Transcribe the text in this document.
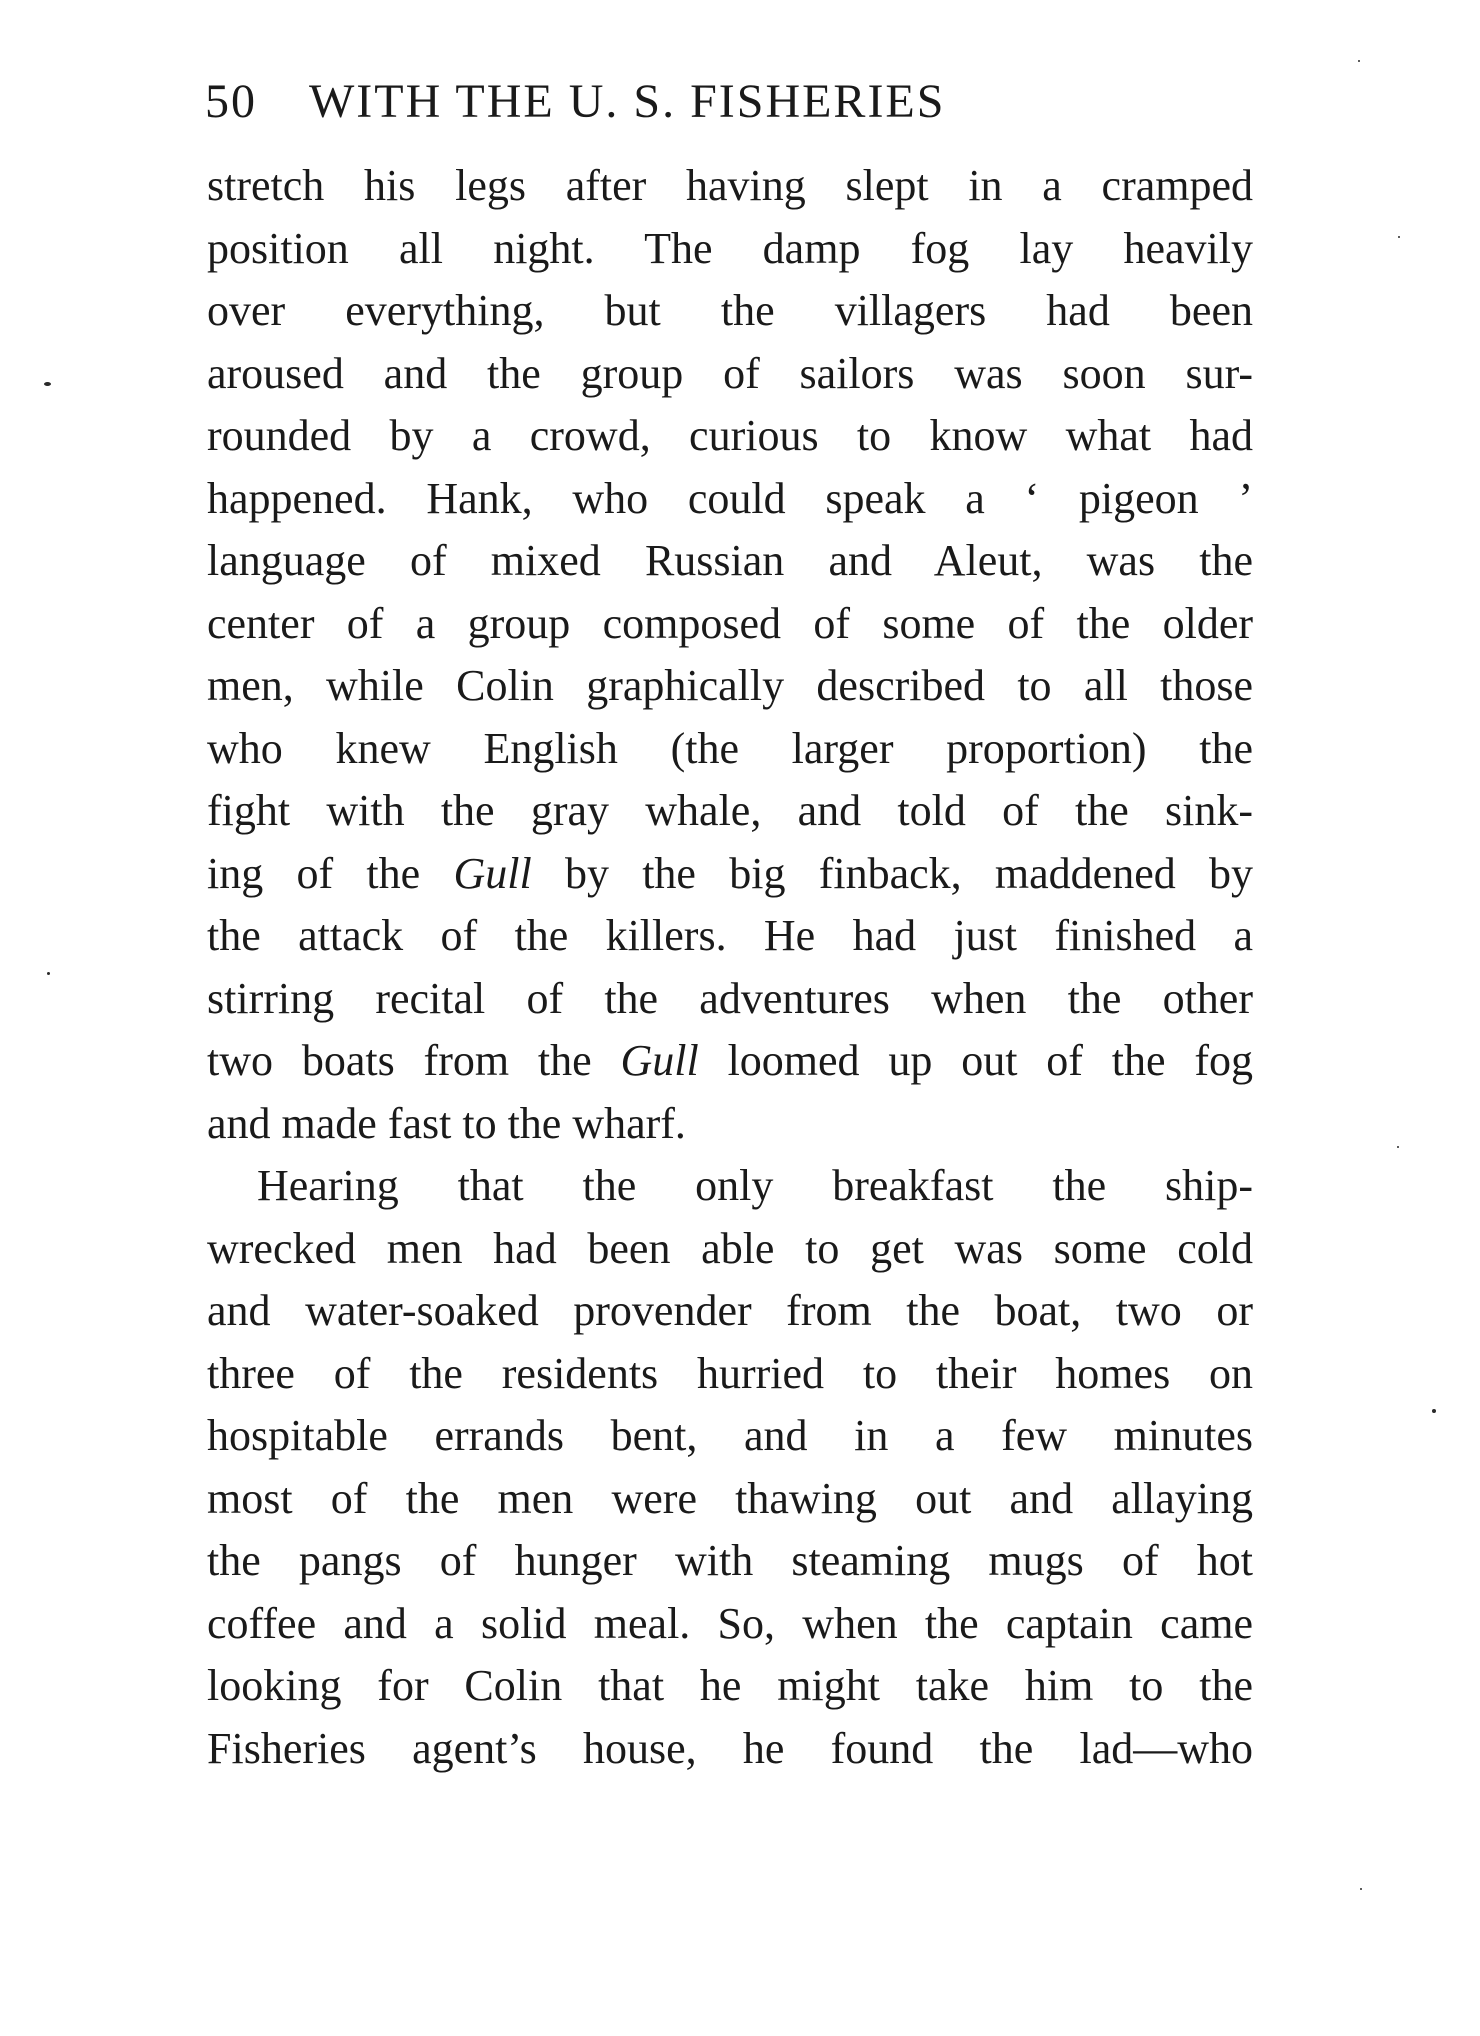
50 WITH THE U. S. FISHERIES
stretch his legs after having slept in a cramped
position all night. The damp fog lay heavily
over everything, but the villagers had been
aroused and the group of sailors was soon sur-
rounded by a crowd, curious to know what had
happened. Hank, who could speak a ‘ pigeon ’
language of mixed Russian and Aleut, was the
center of a group composed of some of the older
men, while Colin graphically described to all those
who knew English (the larger proportion) the
fight with the gray whale, and told of the sink-
ing of the Gull by the big finback, maddened by
the attack of the killers. He had just finished a
stirring recital of the adventures when the other
two boats from the Gull loomed up out of the fog
and made fast to the wharf.
Hearing that the only breakfast the ship-
wrecked men had been able to get was some cold
and water-soaked provender from the boat, two or
three of the residents hurried to their homes on
hospitable errands bent, and in a few minutes
most of the men were thawing out and allaying
the pangs of hunger with steaming mugs of hot
coffee and a solid meal. So, when the captain came
looking for Colin that he might take him to the
Fisheries agent’s house, he found the lad—who
